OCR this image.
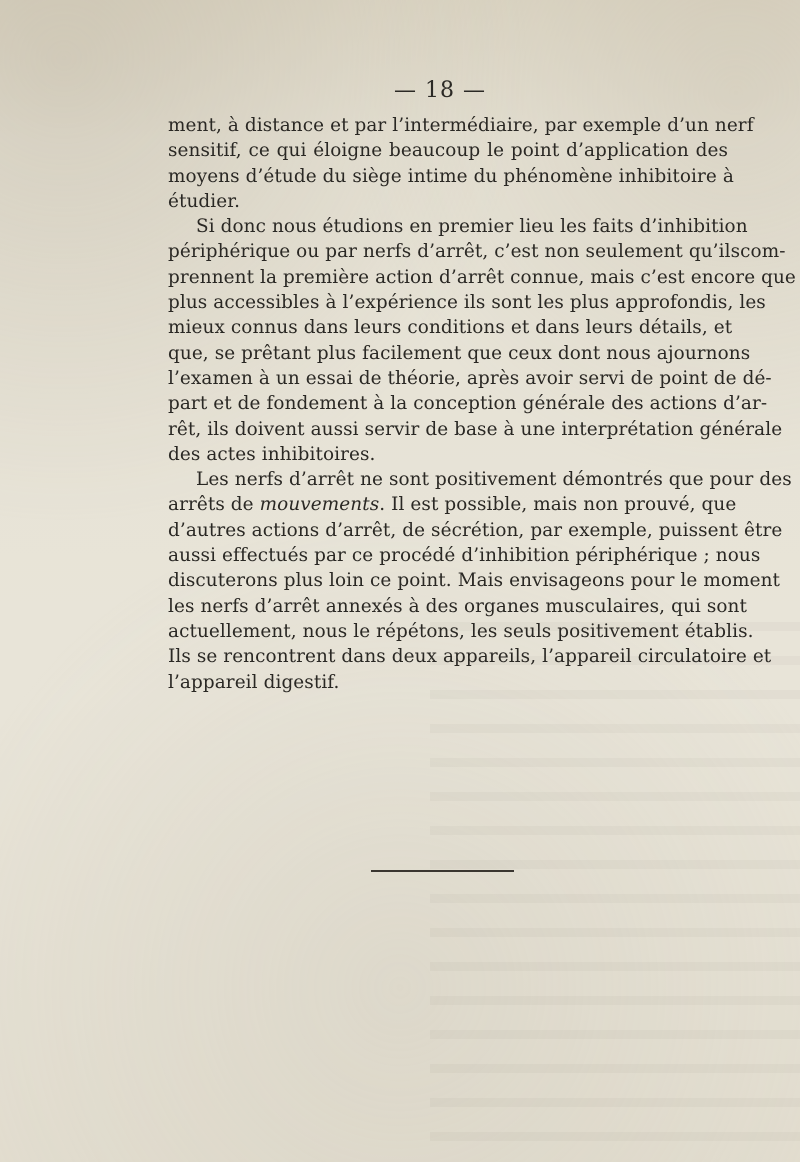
— 18 —
ment, à distance et par l’intermédiaire, par exemple d’un nerf
sensitif, ce qui éloigne beaucoup le point d’application des
moyens d’étude du siège intime du phénomène inhibitoire à
étudier.
Si donc nous étudions en premier lieu les faits d’inhibition
périphérique ou par nerfs d’arrêt, c’est non seulement qu’ilscom-
prennent la première action d’arrêt connue, mais c’est encore que
plus accessibles à l’expérience ils sont les plus approfondis, les
mieux connus dans leurs conditions et dans leurs détails, et
que, se prêtant plus facilement que ceux dont nous ajournons
l’examen à un essai de théorie, après avoir servi de point de dé-
part et de fondement à la conception générale des actions d’ar-
rêt, ils doivent aussi servir de base à une interprétation générale
des actes inhibitoires.
Les nerfs d’arrêt ne sont positivement démontrés que pour des
arrêts de mouvements. Il est possible, mais non prouvé, que
d’autres actions d’arrêt, de sécrétion, par exemple, puissent être
aussi effectués par ce procédé d’inhibition périphérique ; nous
discuterons plus loin ce point. Mais envisageons pour le moment
les nerfs d’arrêt annexés à des organes musculaires, qui sont
actuellement, nous le répétons, les seuls positivement établis.
Ils se rencontrent dans deux appareils, l’appareil circulatoire et
l’appareil digestif.
